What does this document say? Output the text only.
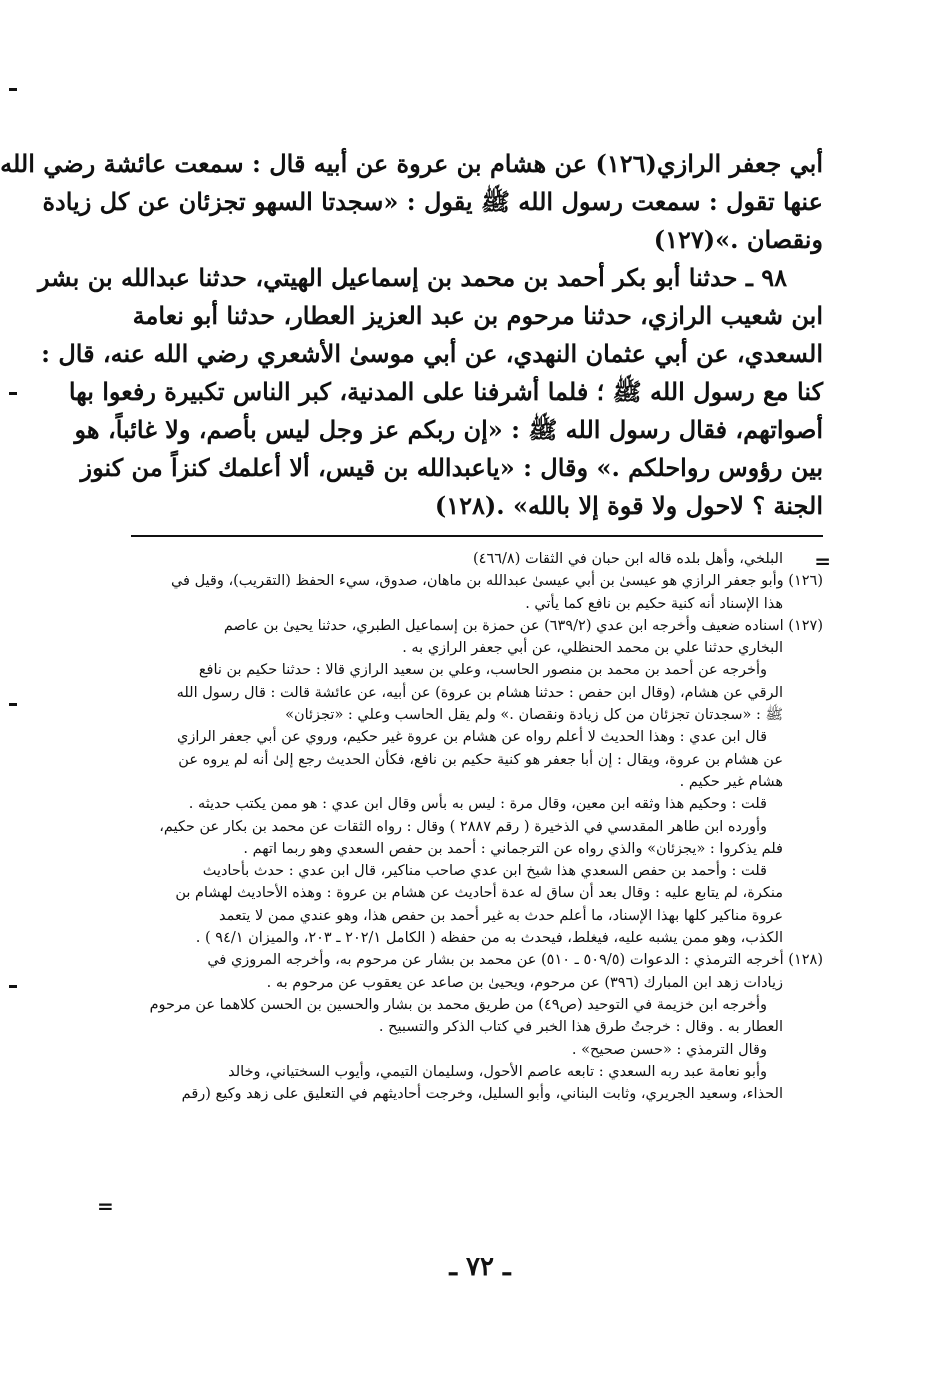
أبي جعفر الرازي(١٢٦) عن هشام بن عروة عن أبيه قال : سمعت عائشة رضي الله
عنها تقول : سمعت رسول الله ﷺ يقول : «سجدتا السهو تجزئان عن كل زيادة
ونقصان .»(١٢٧)
٩٨ ـ حدثنا أبو بكر أحمد بن محمد بن إسماعيل الهيتي، حدثنا عبدالله بن بشر
ابن شعيب الرازي، حدثنا مرحوم بن عبد العزيز العطار، حدثنا أبو نعامة
السعدي، عن أبي عثمان النهدي، عن أبي موسىٰ الأشعري رضي الله عنه، قال :
كنا مع رسول الله ﷺ ؛ فلما أشرفنا على المدنية، كبر الناس تكبيرة رفعوا بها
أصواتهم، فقال رسول الله ﷺ : «إن ربكم عز وجل ليس بأصم، ولا غائباً، هو
بين رؤوس رواحلكم .» وقال : «ياعبدالله بن قيس، ألا أعلمك كنزاً من كنوز
الجنة ؟ لاحول ولا قوة إلا بالله» .(١٢٨)
=
البلخي، وأهل بلده قاله ابن حبان في الثقات (٤٦٦/٨)
(١٢٦) وأبو جعفر الرازي هو عيسىٰ بن أبي عيسىٰ عبدالله بن ماهان، صدوق، سيء الحفظ (التقريب)، وقيل في
هذا الإسناد أنه كنية حكيم بن نافع كما يأتي .
(١٢٧) اسناده ضعيف وأخرجه ابن عدي (٦٣٩/٢) عن حمزة بن إسماعيل الطبري، حدثنا يحيىٰ بن عاصم
البخاري حدثنا علي بن محمد الحنظلي، عن أبي جعفر الرازي به .
وأخرجه عن أحمد بن محمد بن منصور الحاسب، وعلي بن سعيد الرازي قالا : حدثنا حكيم بن نافع
الرقي عن هشام، (وقال ابن حفص : حدثنا هشام بن عروة) عن أبيه، عن عائشة قالت : قال رسول الله
ﷺ : «سجدتان تجزئان من كل زيادة ونقصان .» ولم يقل الحاسب وعلي : «تجزئان»
قال ابن عدي : وهذا الحديث لا أعلم رواه عن هشام بن عروة غير حكيم، وروي عن أبي جعفر الرازي
عن هشام بن عروة، ويقال : إن أبا جعفر هو كنية حكيم بن نافع، فكأن الحديث رجع إلىٰ أنه لم يروه عن
هشام غير حكيم .
قلت : وحكيم هذا وثقه ابن معين، وقال مرة : ليس به بأس وقال ابن عدي : هو ممن يكتب حديثه .
وأورده ابن طاهر المقدسي في الذخيرة ( رقم ٢٨٨٧ ) وقال : رواه الثقات عن محمد بن بكار عن حكيم،
فلم يذكروا : «يجزئان» والذي رواه عن الترجماني : أحمد بن حفص السعدي وهو ربما اتهم .
قلت : وأحمد بن حفص السعدي هذا شيخ ابن عدي صاحب مناكير، قال ابن عدي : حدث بأحاديث
منكرة، لم يتابع عليه : وقال بعد أن ساق له عدة أحاديث عن هشام بن عروة : وهذه الأحاديث لهشام بن
عروة مناكير كلها بهذا الإسناد، ما أعلم حدث به غير أحمد بن حفص هذا، وهو عندي ممن لا يتعمد
الكذب، وهو ممن يشبه عليه، فيغلط، فيحدث به من حفظه ( الكامل ٢٠٢/١ ـ ٢٠٣، والميزان ٩٤/١ ) .
(١٢٨) أخرجه الترمذي : الدعوات (٥٠٩/٥ ـ ٥١٠) عن محمد بن بشار عن مرحوم به، وأخرجه المروزي في
زيادات زهد ابن المبارك (٣٩٦) عن مرحوم، ويحيىٰ بن صاعد عن يعقوب عن مرحوم به .
وأخرجه ابن خزيمة في التوحيد (ص٤٩) من طريق محمد بن بشار والحسين بن الحسن كلاهما عن مرحوم
العطار به . وقال : خرجتُ طرق هذا الخبر في كتاب الذكر والتسبيح .
وقال الترمذي : «حسن صحيح» .
وأبو نعامة عبد ربه السعدي : تابعه عاصم الأحول، وسليمان التيمي، وأيوب السختياني، وخالد
الحذاء، وسعيد الجريري، وثابت البناني، وأبو السليل، وخرجت أحاديثهم في التعليق على زهد وكيع (رقم
=
ـ ٧٢ ـ
